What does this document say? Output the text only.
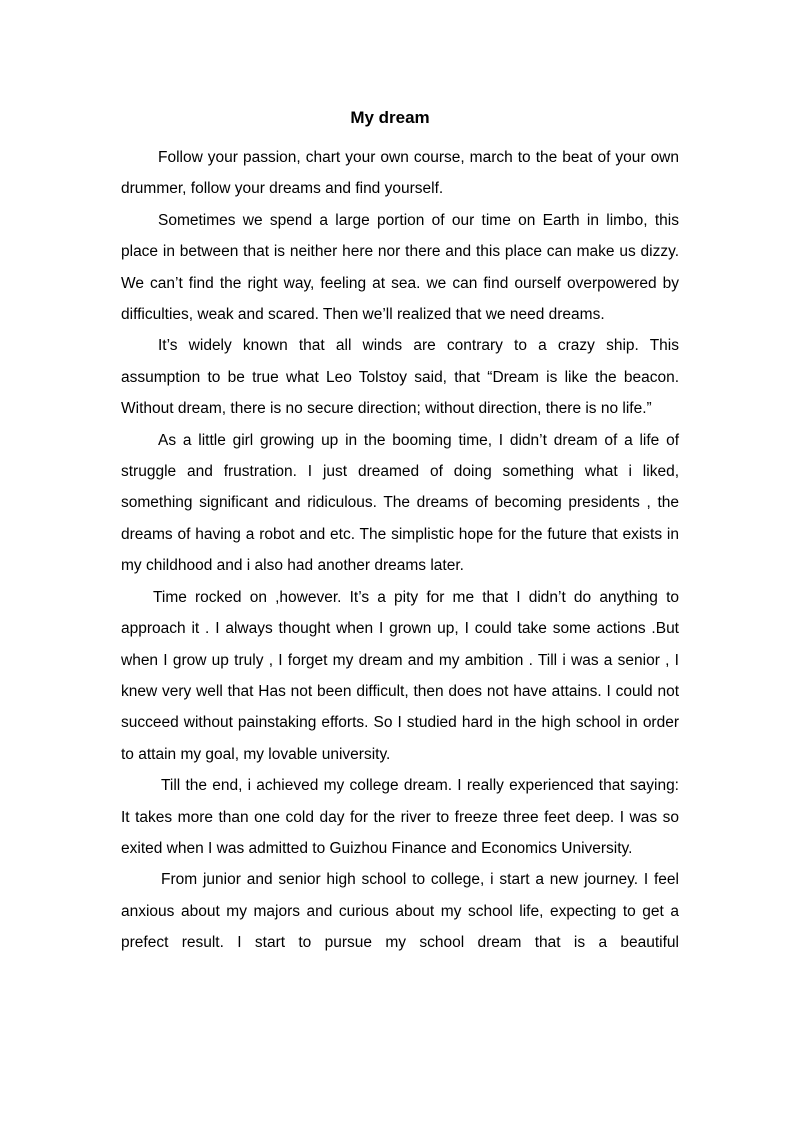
My dream

Follow your passion, chart your own course, march to the beat of your own drummer, follow your dreams and find yourself.

Sometimes we spend a large portion of our time on Earth in limbo, this place in between that is neither here nor there and this place can make us dizzy. We can’t find the right way, feeling at sea. we can find ourself overpowered by difficulties, weak and scared. Then we’ll realized that we need dreams.

It’s widely known that all winds are contrary to a crazy ship. This assumption to be true what Leo Tolstoy said, that “Dream is like the beacon. Without dream, there is no secure direction; without direction, there is no life.”

As a little girl growing up in the booming time, I didn’t dream of a life of struggle and frustration. I just dreamed of doing something what i liked, something significant and ridiculous. The dreams of becoming presidents , the dreams of having a robot and etc. The simplistic hope for the future that exists in my childhood and i also had another dreams later.

Time rocked on ,however. It’s a pity for me that I didn’t do anything to approach it . I always thought when I grown up, I could take some actions .But when I grow up truly , I forget my dream and my ambition . Till i was a senior , I knew very well that Has not been difficult, then does not have attains. I could not succeed without painstaking efforts. So I studied hard in the high school in order to attain my goal, my lovable university.

Till the end, i achieved my college dream. I really experienced that saying: It takes more than one cold day for the river to freeze three feet deep. I was so exited when I was admitted to Guizhou Finance and Economics University.

From junior and senior high school to college, i start a new journey. I feel anxious about my majors and curious about my school life, expecting to get a prefect result. I start to pursue my school dream that is a beautiful
